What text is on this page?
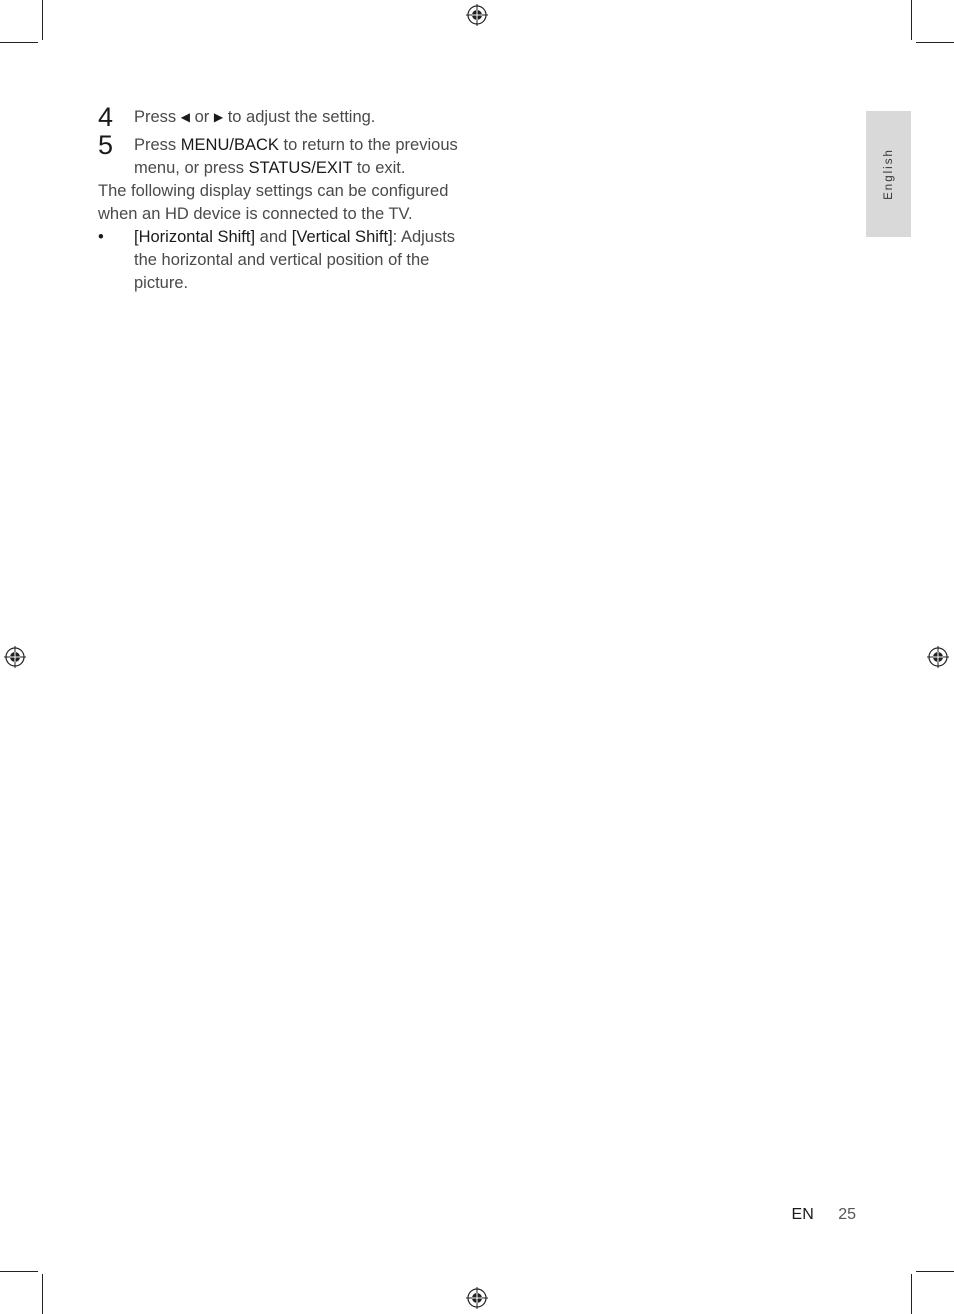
English
4 Press ◀ or ▶ to adjust the setting.
5 Press MENU/BACK to return to the previous menu, or press STATUS/EXIT to exit.
The following display settings can be configured when an HD device is connected to the TV.
• [Horizontal Shift] and [Vertical Shift]: Adjusts the horizontal and vertical position of the picture.
EN 25
